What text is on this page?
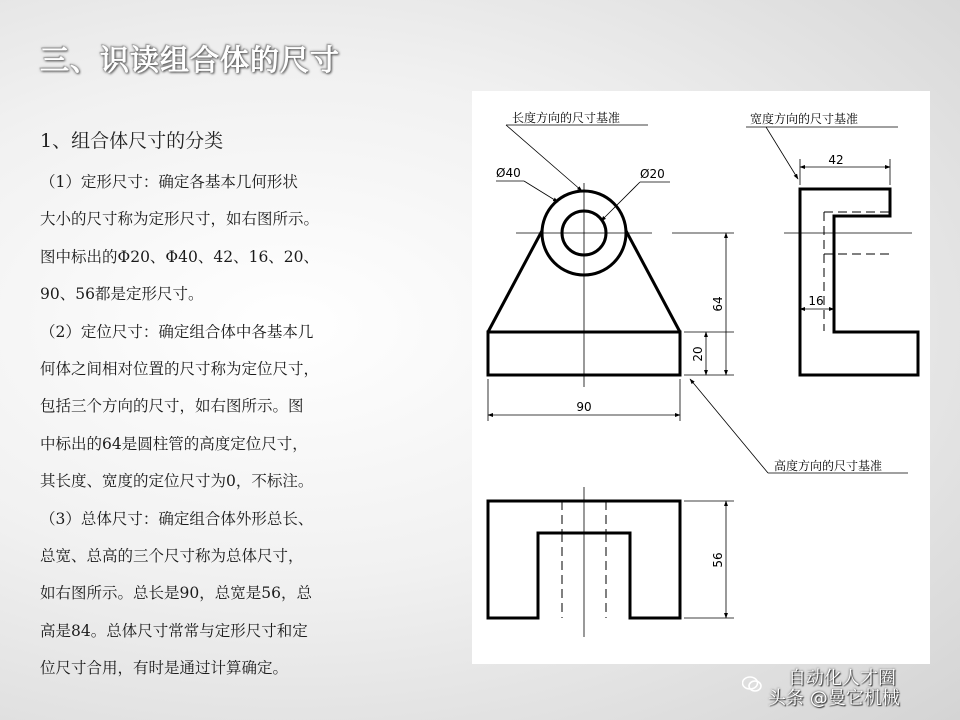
三、识读组合体的尺寸
1、组合体尺寸的分类
（1）定形尺寸：确定各基本几何形状
大小的尺寸称为定形尺寸，如右图所示。
图中标出的Φ20、Φ40、42、16、20、
90、56都是定形尺寸。
（2）定位尺寸：确定组合体中各基本几
何体之间相对位置的尺寸称为定位尺寸，
包括三个方向的尺寸，如右图所示。图
中标出的64是圆柱管的高度定位尺寸，
其长度、宽度的定位尺寸为0，不标注。
（3）总体尺寸：确定组合体外形总长、
总宽、总高的三个尺寸称为总体尺寸，
如右图所示。总长是90，总宽是56，总
高是84。总体尺寸常常与定形尺寸和定
位尺寸合用，有时是通过计算确定。
长度方向的尺寸基准	宽度方向的尺寸基准
高度方向的尺寸基准
Ø40	Ø20
42
16
90
20
64
56
自动化人才圈
头条 @曼它机械
